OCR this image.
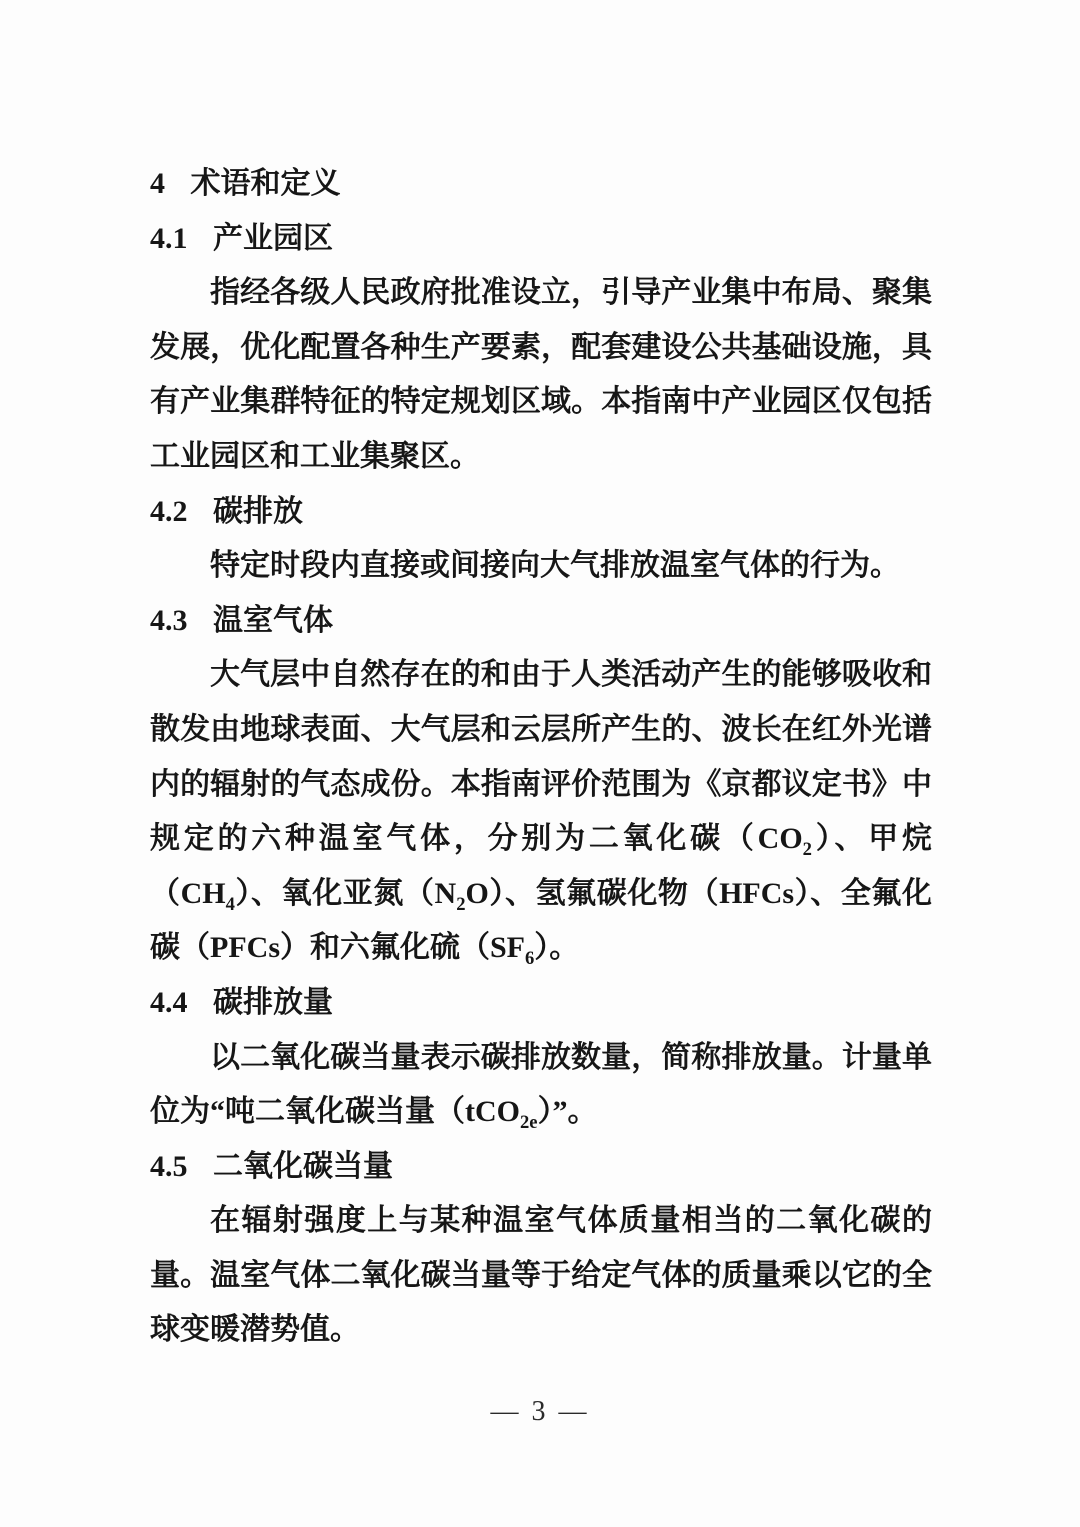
4 术语和定义
4.1 产业园区

指经各级人民政府批准设立，引导产业集中布局、聚集发展，优化配置各种生产要素，配套建设公共基础设施，具有产业集群特征的特定规划区域。本指南中产业园区仅包括工业园区和工业集聚区。

4.2 碳排放

特定时段内直接或间接向大气排放温室气体的行为。

4.3 温室气体

大气层中自然存在的和由于人类活动产生的能够吸收和散发由地球表面、大气层和云层所产生的、波长在红外光谱内的辐射的气态成份。本指南评价范围为《京都议定书》中规定的六种温室气体，分别为二氧化碳$(CO_2)$、甲烷$(CH_4)$、氧化亚氮$(N_2O)$、氢氟碳化物（HFCs）、全氟化碳（PFCs）和六氟化硫$(SF_6)$。

4.4 碳排放量

以二氧化碳当量表示碳排放数量，简称排放量。计量单位为“吨二氧化碳当量（tCO$_{2e}$）”。

4.5 二氧化碳当量

在辐射强度上与某种温室气体质量相当的二氧化碳的量。温室气体二氧化碳当量等于给定气体的质量乘以它的全球变暖潜势值。

— 3 —
